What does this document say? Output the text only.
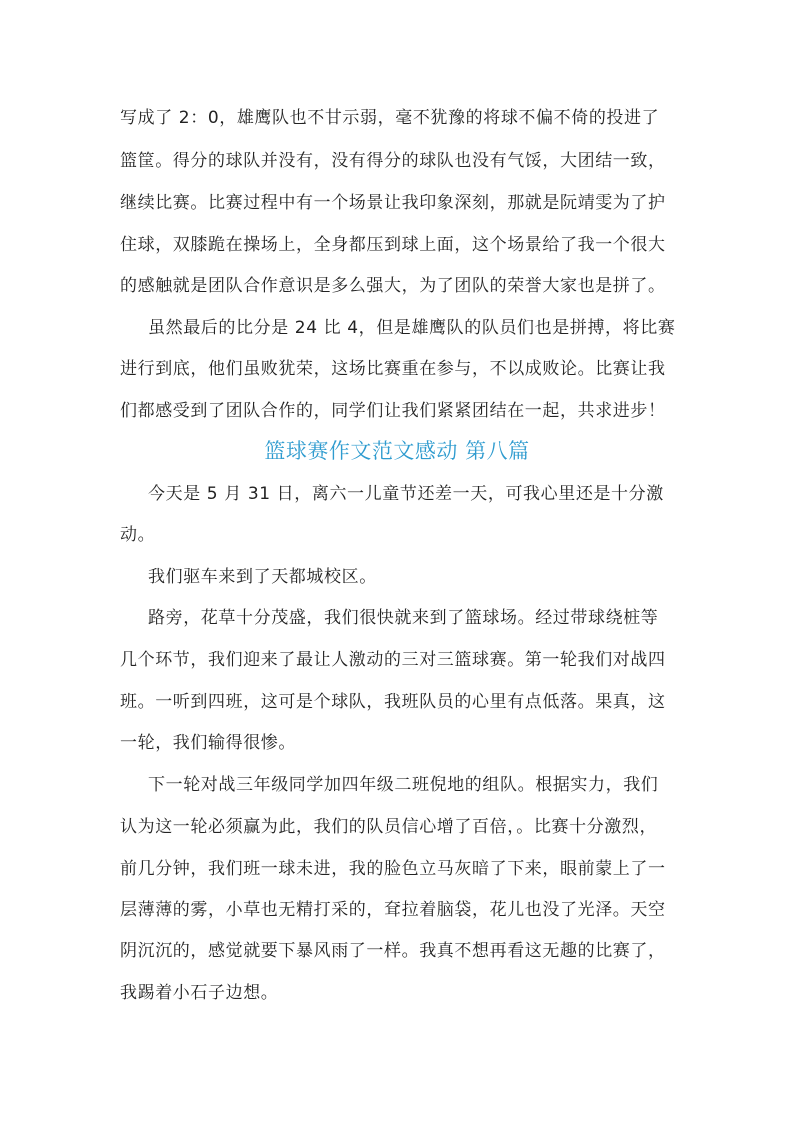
写成了 2：0，雄鹰队也不甘示弱，毫不犹豫的将球不偏不倚的投进了
篮筐。得分的球队并没有，没有得分的球队也没有气馁，大团结一致，
继续比赛。比赛过程中有一个场景让我印象深刻，那就是阮靖雯为了护
住球，双膝跪在操场上，全身都压到球上面，这个场景给了我一个很大
的感触就是团队合作意识是多么强大，为了团队的荣誉大家也是拼了。
虽然最后的比分是 24 比 4，但是雄鹰队的队员们也是拼搏，将比赛
进行到底，他们虽败犹荣，这场比赛重在参与，不以成败论。比赛让我
们都感受到了团队合作的，同学们让我们紧紧团结在一起，共求进步！
篮球赛作文范文感动 第八篇
今天是 5 月 31 日，离六一儿童节还差一天，可我心里还是十分激
动。
我们驱车来到了天都城校区。
路旁，花草十分茂盛，我们很快就来到了篮球场。经过带球绕桩等
几个环节，我们迎来了最让人激动的三对三篮球赛。第一轮我们对战四
班。一听到四班，这可是个球队，我班队员的心里有点低落。果真，这
一轮，我们输得很惨。
下一轮对战三年级同学加四年级二班倪地的组队。根据实力，我们
认为这一轮必须赢为此，我们的队员信心增了百倍，。比赛十分激烈，
前几分钟，我们班一球未进，我的脸色立马灰暗了下来，眼前蒙上了一
层薄薄的雾，小草也无精打采的，耷拉着脑袋，花儿也没了光泽。天空
阴沉沉的，感觉就要下暴风雨了一样。我真不想再看这无趣的比赛了，
我踢着小石子边想。
